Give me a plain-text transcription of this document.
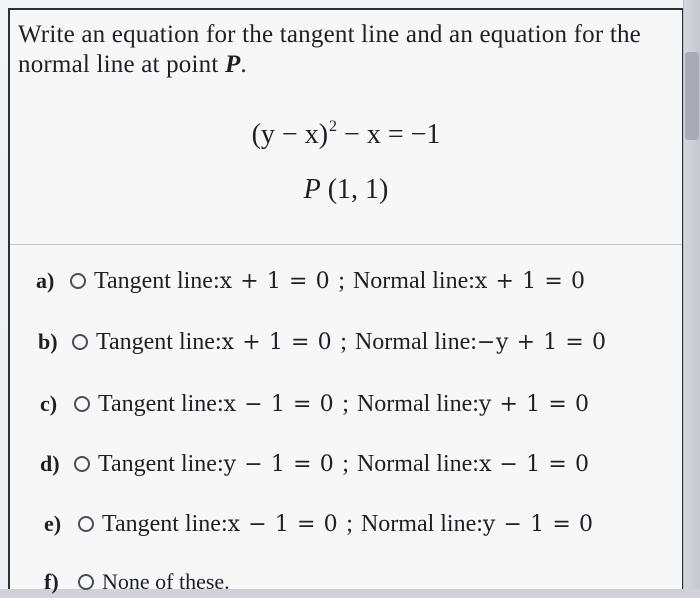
Write an equation for the tangent line and an equation for the normal line at point P.
$(y - x)^2 - x = -1$
P (1, 1)
a)	Tangent line: x + 1 = 0 ; Normal line: x + 1 = 0
b)	Tangent line: x + 1 = 0 ; Normal line: −y + 1 = 0
c)	Tangent line: x − 1 = 0 ; Normal line: y + 1 = 0
d)	Tangent line: y − 1 = 0 ; Normal line: x − 1 = 0
e)	Tangent line: x − 1 = 0 ; Normal line: y − 1 = 0
f)	None of these.
